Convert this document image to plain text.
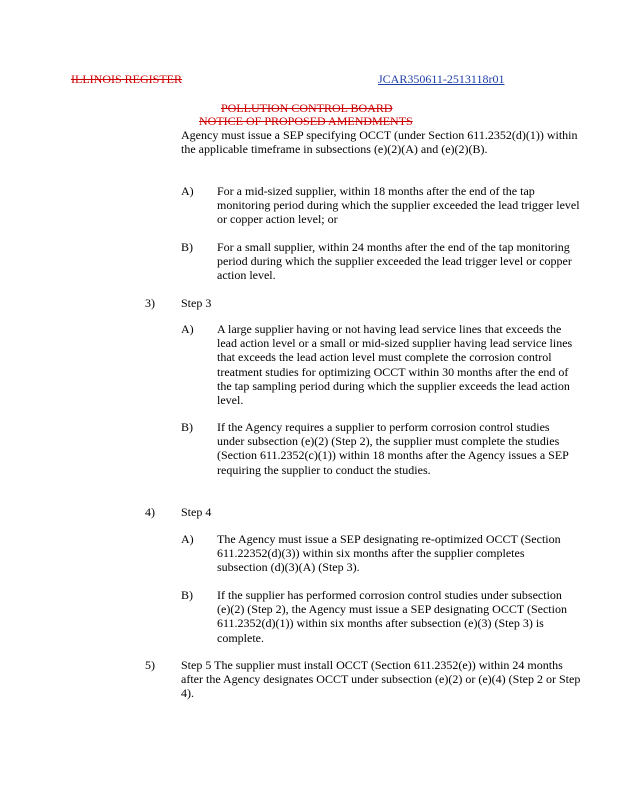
ILLINOIS REGISTER	JCAR350611-2513118r01
POLLUTION CONTROL BOARD
NOTICE OF PROPOSED AMENDMENTS
Agency must issue a SEP specifying OCCT (under Section 611.2352(d)(1)) within the applicable timeframe in subsections (e)(2)(A) and (e)(2)(B).
A) For a mid-sized supplier, within 18 months after the end of the tap monitoring period during which the supplier exceeded the lead trigger level or copper action level; or
B) For a small supplier, within 24 months after the end of the tap monitoring period during which the supplier exceeded the lead trigger level or copper action level.
3) Step 3
A) A large supplier having or not having lead service lines that exceeds the lead action level or a small or mid-sized supplier having lead service lines that exceeds the lead action level must complete the corrosion control treatment studies for optimizing OCCT within 30 months after the end of the tap sampling period during which the supplier exceeds the lead action level.
B) If the Agency requires a supplier to perform corrosion control studies under subsection (e)(2) (Step 2), the supplier must complete the studies (Section 611.2352(c)(1)) within 18 months after the Agency issues a SEP requiring the supplier to conduct the studies.
4) Step 4
A) The Agency must issue a SEP designating re-optimized OCCT (Section 611.22352(d)(3)) within six months after the supplier completes subsection (d)(3)(A) (Step 3).
B) If the supplier has performed corrosion control studies under subsection (e)(2) (Step 2), the Agency must issue a SEP designating OCCT (Section 611.2352(d)(1)) within six months after subsection (e)(3) (Step 3) is complete.
5) Step 5 The supplier must install OCCT (Section 611.2352(e)) within 24 months after the Agency designates OCCT under subsection (e)(2) or (e)(4) (Step 2 or Step 4).
